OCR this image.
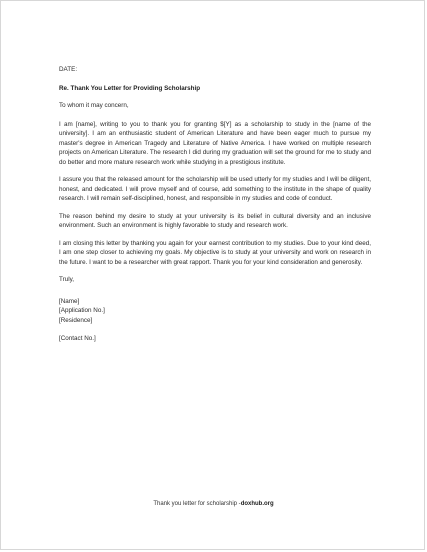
DATE:

Re. Thank You Letter for Providing Scholarship

To whom it may concern,

I am [name], writing to you to thank you for granting $[Y] as a scholarship to study in the [name of the university]. I am an enthusiastic student of American Literature and have been eager much to pursue my master's degree in American Tragedy and Literature of Native America. I have worked on multiple research projects on American Literature. The research I did during my graduation will set the ground for me to study and do better and more mature research work while studying in a prestigious institute.

I assure you that the released amount for the scholarship will be used utterly for my studies and I will be diligent, honest, and dedicated. I will prove myself and of course, add something to the institute in the shape of quality research. I will remain self-disciplined, honest, and responsible in my studies and code of conduct.

The reason behind my desire to study at your university is its belief in cultural diversity and an inclusive environment. Such an environment is highly favorable to study and research work.

I am closing this letter by thanking you again for your earnest contribution to my studies. Due to your kind deed, I am one step closer to achieving my goals. My objective is to study at your university and work on research in the future. I want to be a researcher with great rapport. Thank you for your kind consideration and generosity.

Truly,

[Name]

[Application No.]

[Residence]

[Contact No.]

Thank you letter for scholarship -doxhub.org
